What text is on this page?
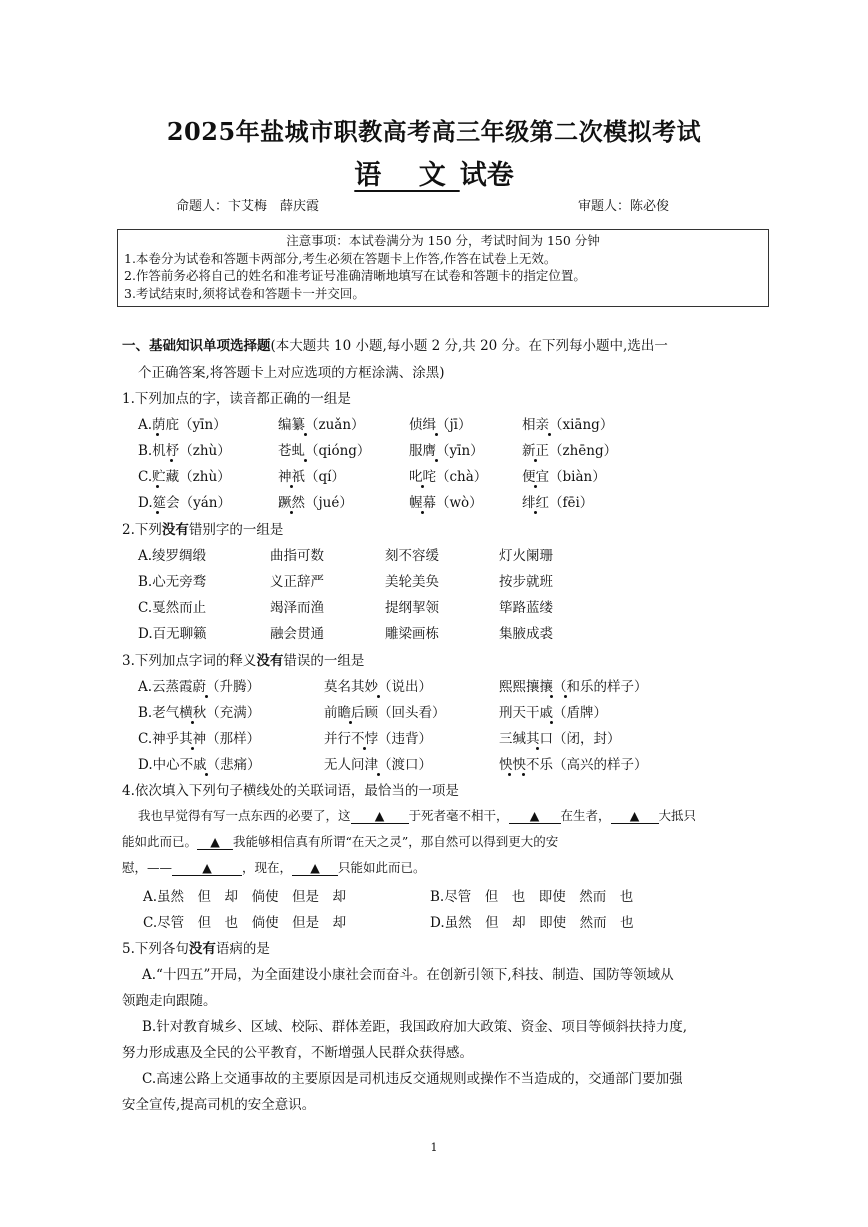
2025年盐城市职教高考高三年级第二次模拟考试
语 文试卷
命题人：卞艾梅　薛庆霞	审题人：陈必俊
注意事项：本试卷满分为 150 分，考试时间为 150 分钟
1.本卷分为试卷和答题卡两部分,考生必须在答题卡上作答,作答在试卷上无效。
2.作答前务必将自己的姓名和准考证号准确清晰地填写在试卷和答题卡的指定位置。
3.考试结束时,须将试卷和答题卡一并交回。
一、基础知识单项选择题(本大题共 10 小题,每小题 2 分,共 20 分。在下列每小题中,选出一
个正确答案,将答题卡上对应选项的方框涂满、涂黑)
1.下列加点的字，读音都正确的一组是
A.荫庇（yīn）	编纂（zuǎn）	侦缉（jī）	相亲（xiāng）
B.机杼（zhù）	苍虬（qióng）	服膺（yīn）	新正（zhēng）
C.贮藏（zhù）	神祇（qí）	叱咤（chà）	便宜（biàn）
D.筵会（yán）	蹶然（jué）	幄幕（wò）	绯红（fēi）
2.下列没有错别字的一组是
A.绫罗绸缎	曲指可数	刻不容缓	灯火阑珊
B.心无旁骛	义正辞严	美轮美奂	按步就班
C.戛然而止	竭泽而渔	提纲挈领	筚路蓝缕
D.百无聊籁	融会贯通	雕梁画栋	集腋成裘
3.下列加点字词的释义没有错误的一组是
A.云蒸霞蔚（升腾）	莫名其妙（说出）	熙熙攘攘（和乐的样子）
B.老气横秋（充满）	前瞻后顾（回头看）	刑天干戚（盾牌）
C.神乎其神（那样）	并行不悖（违背）	三缄其口（闭，封）
D.中心不戚（悲痛）	无人问津（渡口）	怏怏不乐（高兴的样子）
4.依次填入下列句子横线处的关联词语，最恰当的一项是
我也早觉得有写一点东西的必要了，这 ▲ 于死者毫不相干， ▲ 在生者， ▲ 大抵只
能如此而已。 ▲ 我能够相信真有所谓“在天之灵”，那自然可以得到更大的安
慰，—— ▲ ，现在， ▲ 只能如此而已。
A.虽然　但　却　倘使　但是　却	B.尽管　但　也　即使　然而　也
C.尽管　但　也　倘使　但是　却	D.虽然　但　却　即使　然而　也
5.下列各句没有语病的是
A.“十四五”开局，为全面建设小康社会而奋斗。在创新引领下,科技、制造、国防等领域从
领跑走向跟随。
B.针对教育城乡、区域、校际、群体差距，我国政府加大政策、资金、项目等倾斜扶持力度,
努力形成惠及全民的公平教育，不断增强人民群众获得感。
C.高速公路上交通事故的主要原因是司机违反交通规则或操作不当造成的，交通部门要加强
安全宣传,提高司机的安全意识。
1
